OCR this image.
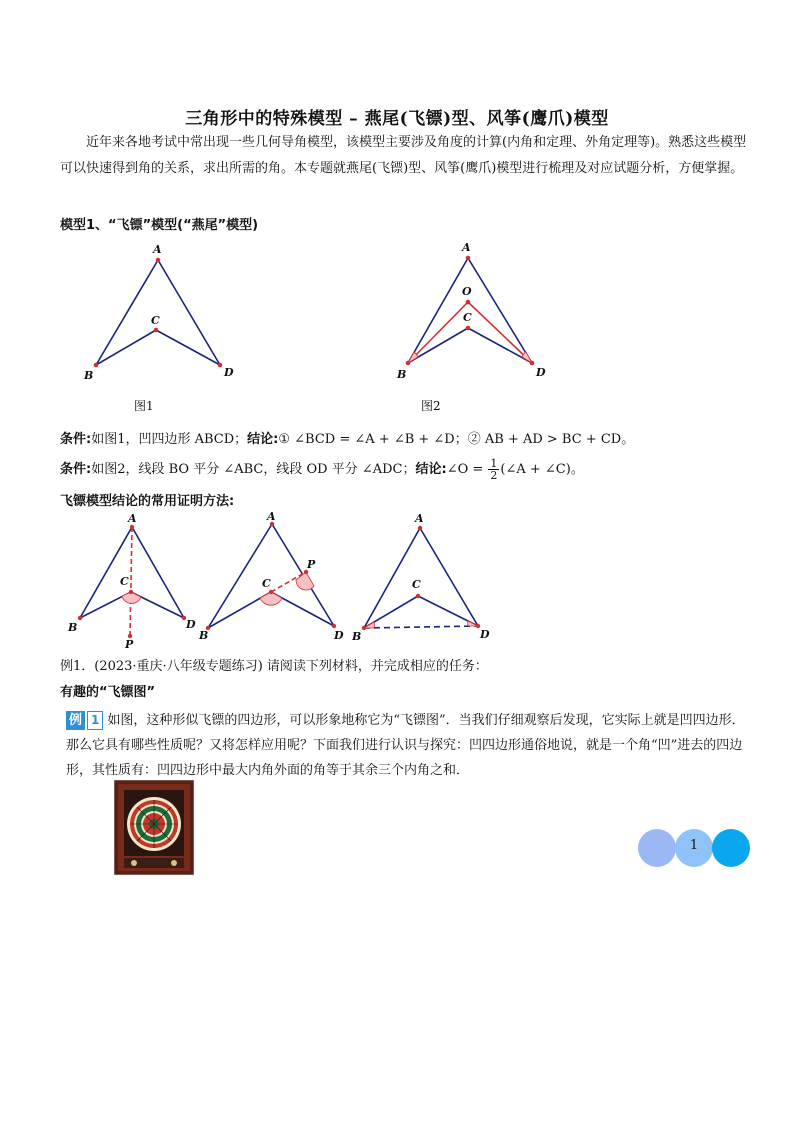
三角形中的特殊模型 – 燕尾(飞镖)型、风筝(鹰爪)模型
近年来各地考试中常出现一些几何导角模型，该模型主要涉及角度的计算(内角和定理、外角定理等)。熟悉这些模型可以快速得到角的关系，求出所需的角。本专题就燕尾(飞镖)型、风筝(鹰爪)模型进行梳理及对应试题分析，方便掌握。
模型1、“飞镖”模型(“燕尾”模型)
A
B
C
D
图1
A
O
C
B	D
图2
条件:如图1，凹四边形 ABCD；结论:① ∠BCD = ∠A + ∠B + ∠D；② AB + AD > BC + CD。
条件:如图2，线段 BO 平分 ∠ABC，线段 OD 平分 ∠ADC；结论:∠O = $\frac{1}{2}$ (∠A + ∠C)。
飞镖模型结论的常用证明方法:
A
C
B	D
P
A
P
C
B	D
A
C
B	D
例1．(2023·重庆·八年级专题练习) 请阅读下列材料，并完成相应的任务：
有趣的“飞镖图”
例 1 如图，这种形似飞镖的四边形，可以形象地称它为“飞镖图”．当我们仔细观察后发现，它实际上就是凹四边形．那么它具有哪些性质呢？又将怎样应用呢？下面我们进行认识与探究：凹四边形通俗地说，就是一个角“凹”进去的四边形，其性质有：凹四边形中最大内角外面的角等于其余三个内角之和．
1
